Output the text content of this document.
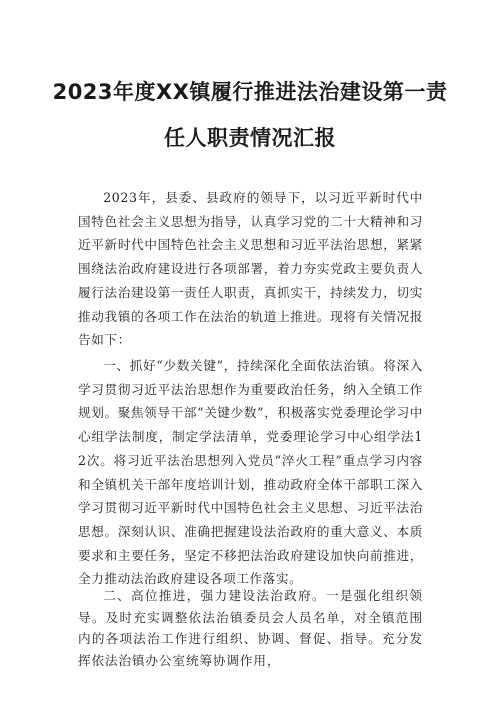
2023年度XX镇履行推进法治建设第一责
任人职责情况汇报

2023年，县委、县政府的领导下，以习近平新时代中国特色社会主义思想为指导，认真学习党的二十大精神和习近平新时代中国特色社会主义思想和习近平法治思想，紧紧围绕法治政府建设进行各项部署，着力夯实党政主要负责人履行法治建设第一责任人职责，真抓实干，持续发力，切实推动我镇的各项工作在法治的轨道上推进。现将有关情况报告如下：

一、抓好“少数关键”，持续深化全面依法治镇。将深入学习贯彻习近平法治思想作为重要政治任务，纳入全镇工作规划。聚焦领导干部“关键少数”，积极落实党委理论学习中心组学法制度，制定学法清单，党委理论学习中心组学法12次。将习近平法治思想列入党员“淬火工程”重点学习内容和全镇机关干部年度培训计划，推动政府全体干部职工深入学习贯彻习近平新时代中国特色社会主义思想、习近平法治思想。深刻认识、准确把握建设法治政府的重大意义、本质要求和主要任务，坚定不移把法治政府建设加快向前推进，全力推动法治政府建设各项工作落实。

二、高位推进，强力建设法治政府。一是强化组织领导。及时充实调整依法治镇委员会人员名单，对全镇范围内的各项法治工作进行组织、协调、督促、指导。充分发挥依法治镇办公室统筹协调作用，
